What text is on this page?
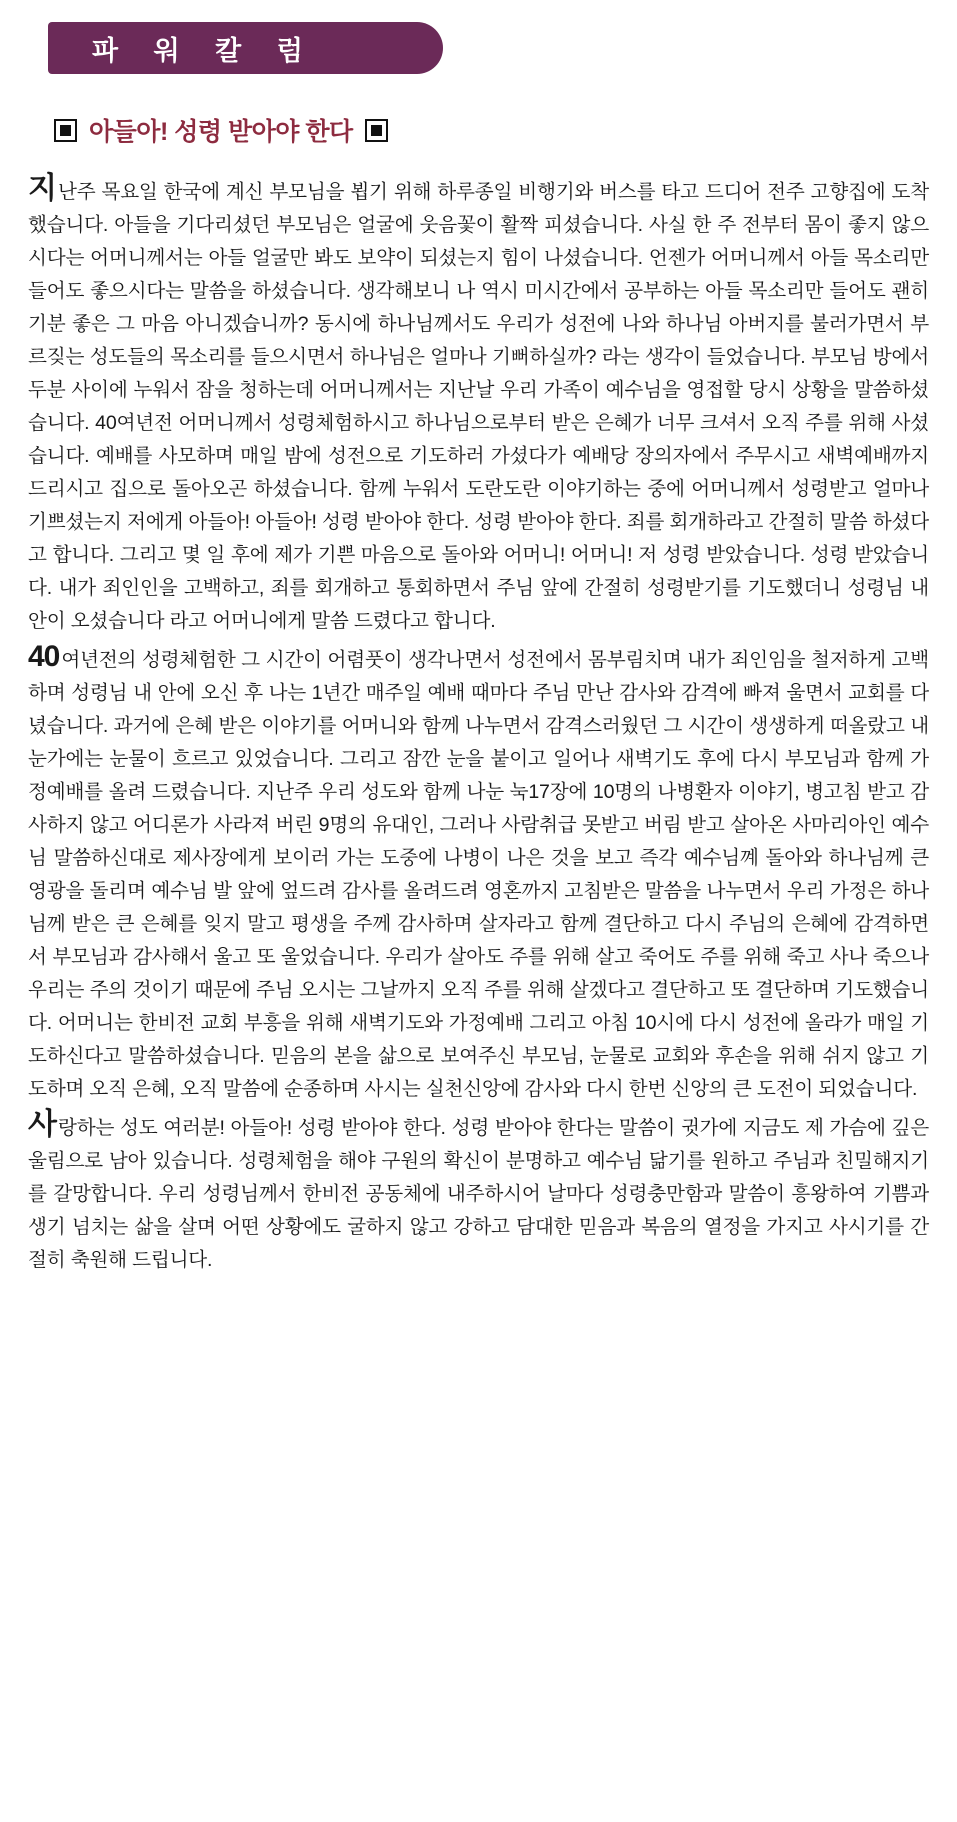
파 워 칼 럼
아들아! 성령 받아야 한다

지난주 목요일 한국에 계신 부모님을 뵙기 위해 하루종일 비행기와 버스를 타고 드디어 전주 고향집에 도착했습니다. 아들을 기다리셨던 부모님은 얼굴에 웃음꽃이 활짝 피셨습니다. 사실 한 주 전부터 몸이 좋지 않으시다는 어머니께서는 아들 얼굴만 봐도 보약이 되셨는지 힘이 나셨습니다. 언젠가 어머니께서 아들 목소리만 들어도 좋으시다는 말씀을 하셨습니다. 생각해보니 나 역시 미시간에서 공부하는 아들 목소리만 들어도 괜히 기분 좋은 그 마음 아니겠습니까? 동시에 하나님께서도 우리가 성전에 나와 하나님 아버지를 불러가면서 부르짖는 성도들의 목소리를 들으시면서 하나님은 얼마나 기뻐하실까? 라는 생각이 들었습니다. 부모님 방에서 두분 사이에 누워서 잠을 청하는데 어머니께서는 지난날 우리 가족이 예수님을 영접할 당시 상황을 말씀하셨습니다. 40여년전 어머니께서 성령체험하시고 하나님으로부터 받은 은혜가 너무 크셔서 오직 주를 위해 사셨습니다. 예배를 사모하며 매일 밤에 성전으로 기도하러 가셨다가 예배당 장의자에서 주무시고 새벽예배까지 드리시고 집으로 돌아오곤 하셨습니다. 함께 누워서 도란도란 이야기하는 중에 어머니께서 성령받고 얼마나 기쁘셨는지 저에게 아들아! 아들아! 성령 받아야 한다. 성령 받아야 한다. 죄를 회개하라고 간절히 말씀 하셨다고 합니다. 그리고 몇 일 후에 제가 기쁜 마음으로 돌아와 어머니! 어머니! 저 성령 받았습니다. 성령 받았습니다. 내가 죄인인을 고백하고, 죄를 회개하고 통회하면서 주님 앞에 간절히 성령받기를 기도했더니 성령님 내 안이 오셨습니다 라고 어머니에게 말씀 드렸다고 합니다.

40 여년전의 성령체험한 그 시간이 어렴풋이 생각나면서 성전에서 몸부림치며 내가 죄인임을 철저하게 고백하며 성령님 내 안에 오신 후 나는 1년간 매주일 예배 때마다 주님 만난 감사와 감격에 빠져 울면서 교회를 다녔습니다. 과거에 은혜 받은 이야기를 어머니와 함께 나누면서 감격스러웠던 그 시간이 생생하게 떠올랐고 내 눈가에는 눈물이 흐르고 있었습니다. 그리고 잠깐 눈을 붙이고 일어나 새벽기도 후에 다시 부모님과 함께 가정예배를 올려 드렸습니다. 지난주 우리 성도와 함께 나눈 눅17장에 10명의 나병환자 이야기, 병고침 받고 감사하지 않고 어디론가 사라져 버린 9명의 유대인, 그러나 사람취급 못받고 버림 받고 살아온 사마리아인 예수님 말씀하신대로 제사장에게 보이러 가는 도중에 나병이 나은 것을 보고 즉각 예수님꼐 돌아와 하나님께 큰 영광을 돌리며 예수님 발 앞에 엎드려 감사를 올려드려 영혼까지 고침받은 말씀을 나누면서 우리 가정은 하나님께 받은 큰 은혜를 잊지 말고 평생을 주께 감사하며 살자라고 함께 결단하고 다시 주님의 은혜에 감격하면서 부모님과 감사해서 울고 또 울었습니다. 우리가 살아도 주를 위해 살고 죽어도 주를 위해 죽고 사나 죽으나 우리는 주의 것이기 때문에 주님 오시는 그날까지 오직 주를 위해 살겠다고 결단하고 또 결단하며 기도했습니다. 어머니는 한비전 교회 부흥을 위해 새벽기도와 가정예배 그리고 아침 10시에 다시 성전에 올라가 매일 기도하신다고 말씀하셨습니다. 믿음의 본을 삶으로 보여주신 부모님, 눈물로 교회와 후손을 위해 쉬지 않고 기도하며 오직 은혜, 오직 말씀에 순종하며 사시는 실천신앙에 감사와 다시 한번 신앙의 큰 도전이 되었습니다.

사랑하는 성도 여러분! 아들아! 성령 받아야 한다. 성령 받아야 한다는 말씀이 귓가에 지금도 제 가슴에 깊은 울림으로 남아 있습니다. 성령체험을 해야 구원의 확신이 분명하고 예수님 닮기를 원하고 주님과 친밀해지기를 갈망합니다. 우리 성령님께서 한비전 공동체에 내주하시어 날마다 성령충만함과 말씀이 흥왕하여 기쁨과 생기 넘치는 삶을 살며 어떤 상황에도 굴하지 않고 강하고 담대한 믿음과 복음의 열정을 가지고 사시기를 간절히 축원해 드립니다.
